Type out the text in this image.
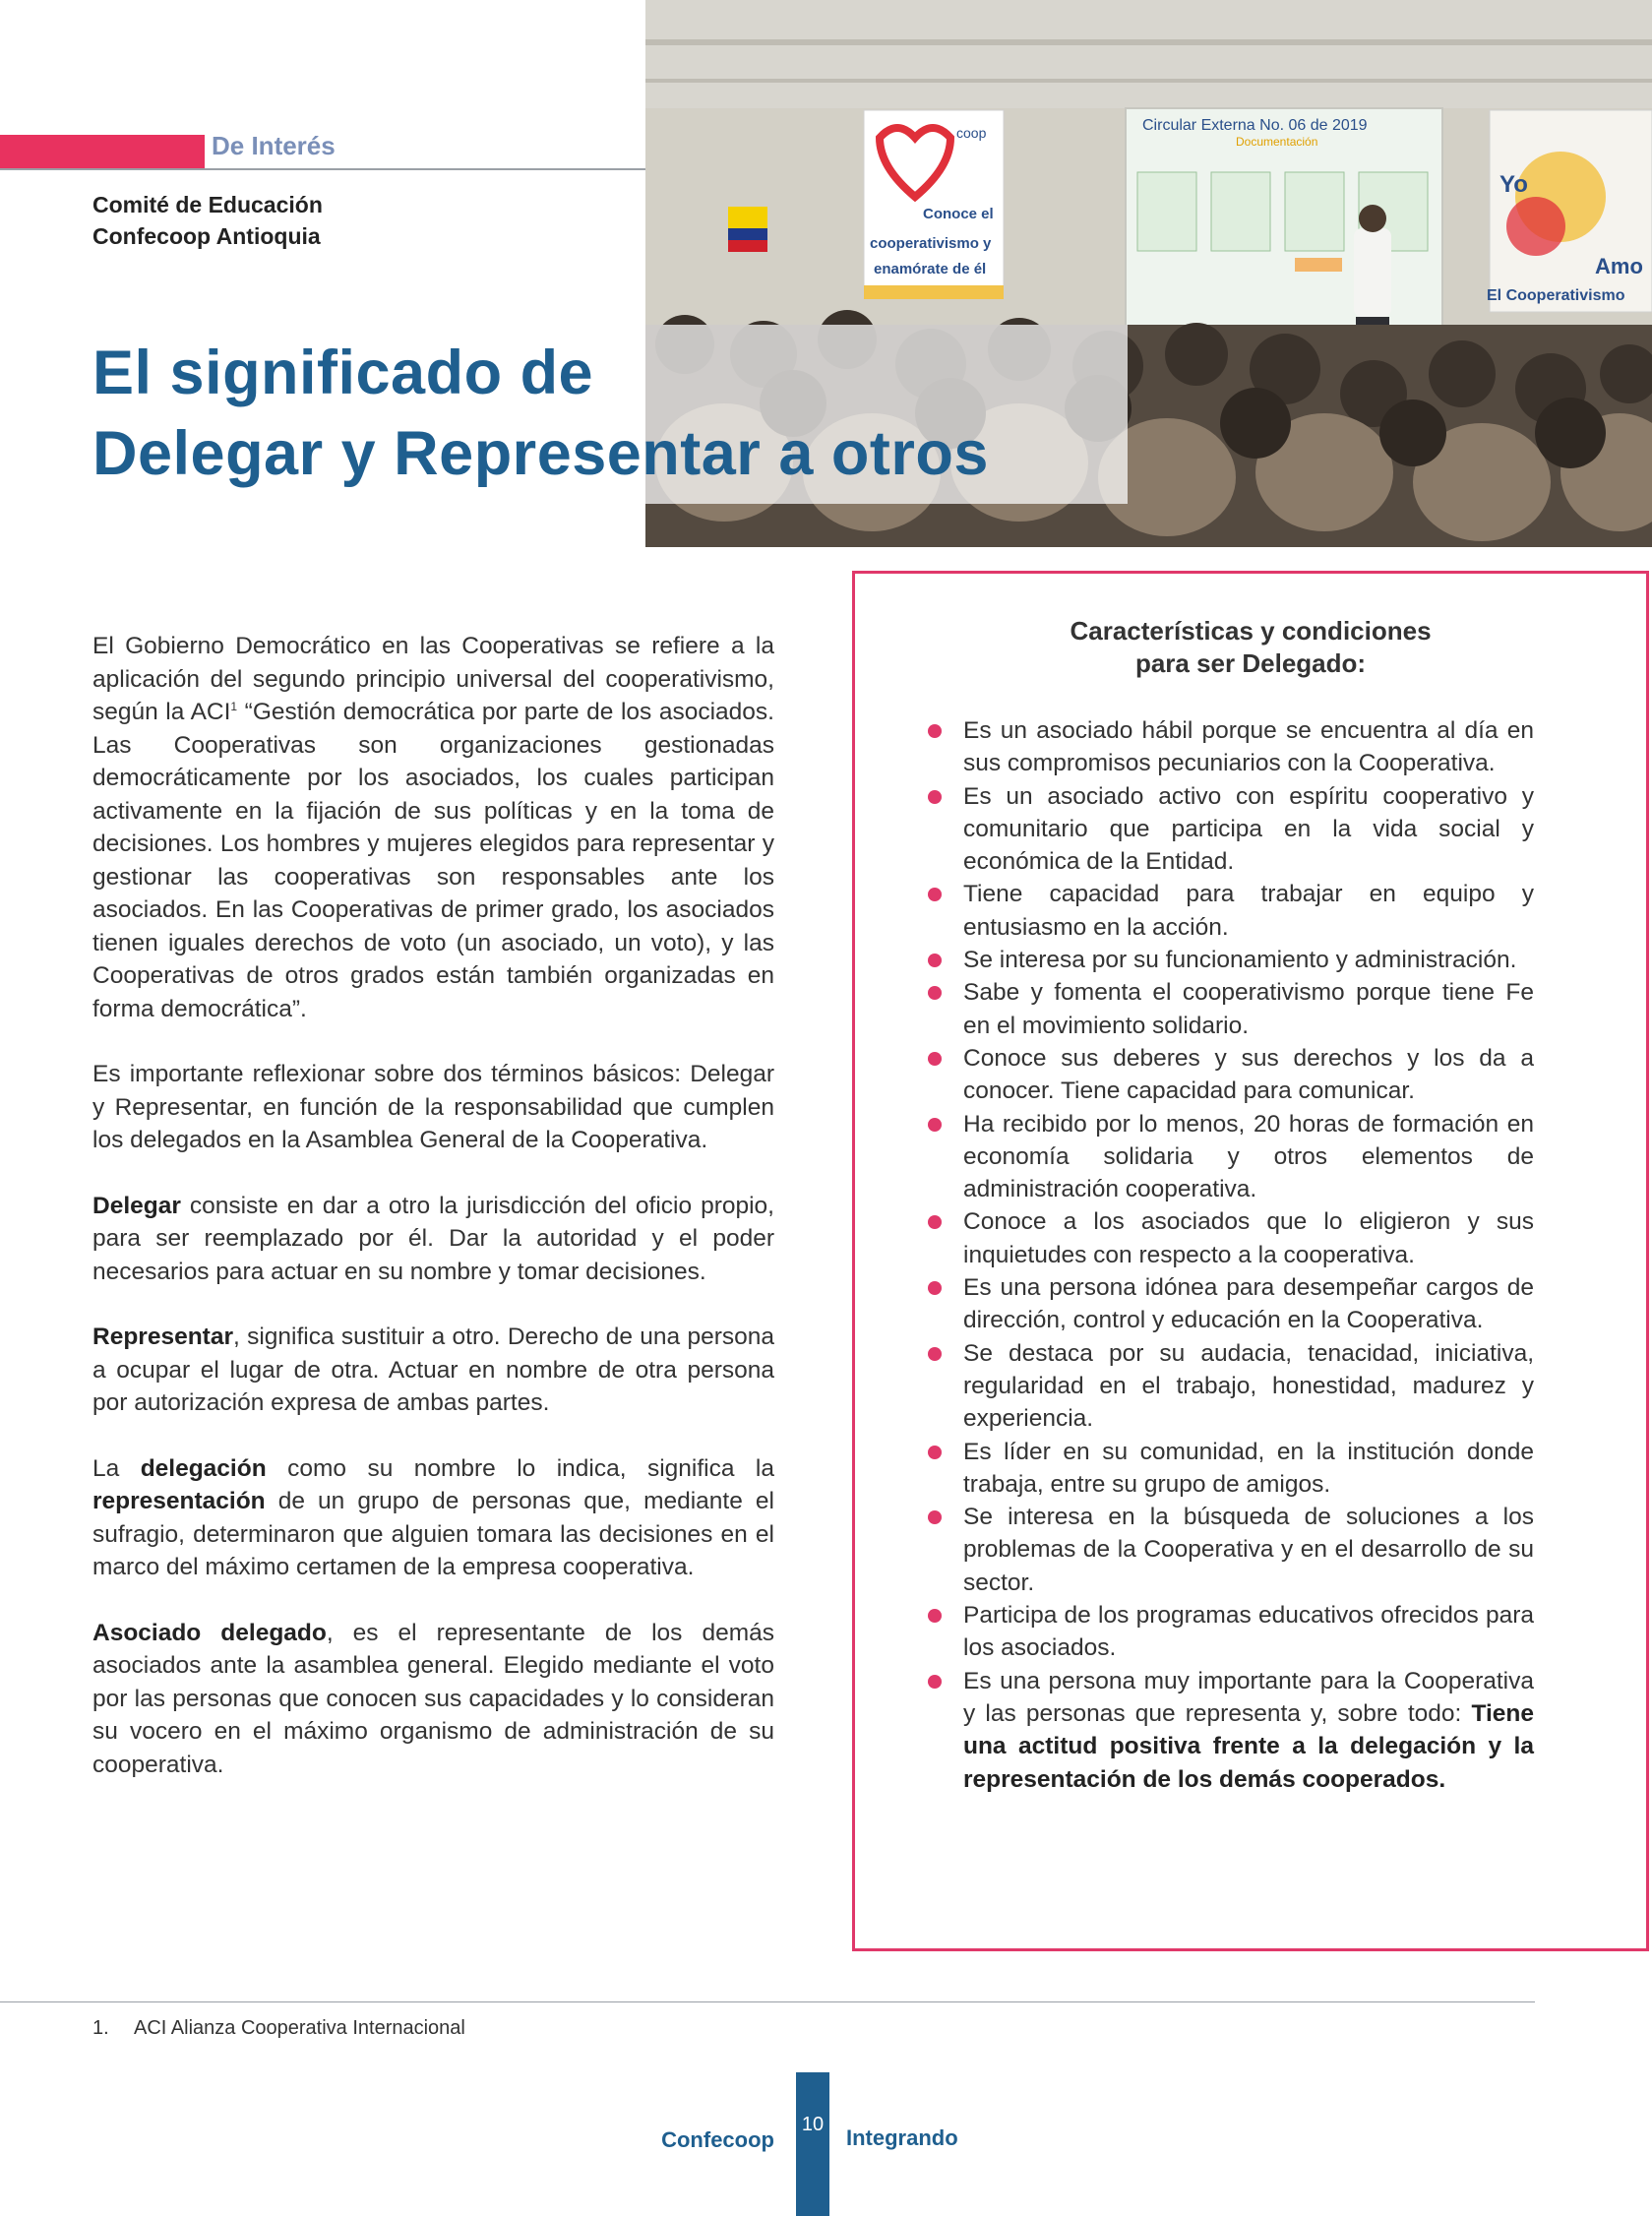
De Interés
Comité de Educación
Confecoop Antioquia
Circular Externa No. 06 de 2019
Documentación
coop
Conoce el
cooperativismo y
enamórate de él
Yo
Amo
El Cooperativismo
El significado de
Delegar y Representar a otros

El Gobierno Democrático en las Cooperativas se refiere a la aplicación del segundo principio universal del cooperativismo, según la ACI$^1$ “Gestión democrática por parte de los asociados. Las Cooperativas son organizaciones gestionadas democráticamente por los asociados, los cuales participan activamente en la fijación de sus políticas y en la toma de decisiones. Los hombres y mujeres elegidos para representar y gestionar las cooperativas son responsables ante los asociados. En las Cooperativas de primer grado, los asociados tienen iguales derechos de voto (un asociado, un voto), y las Cooperativas de otros grados están también organizadas en forma democrática”.

Es importante reflexionar sobre dos términos básicos: Delegar y Representar, en función de la responsabilidad que cumplen los delegados en la Asamblea General de la Cooperativa.

Delegar consiste en dar a otro la jurisdicción del oficio propio, para ser reemplazado por él. Dar la autoridad y el poder necesarios para actuar en su nombre y tomar decisiones.

Representar, significa sustituir a otro. Derecho de una persona a ocupar el lugar de otra. Actuar en nombre de otra persona por autorización expresa de ambas partes.

La delegación como su nombre lo indica, significa la representación de un grupo de personas que, mediante el sufragio, determinaron que alguien tomara las decisiones en el marco del máximo certamen de la empresa cooperativa.

Asociado delegado, es el representante de los demás asociados ante la asamblea general. Elegido mediante el voto por las personas que conocen sus capacidades y lo consideran su vocero en el máximo organismo de administración de su cooperativa.

Características y condiciones
para ser Delegado:
Es un asociado hábil porque se encuentra al día en sus compromisos pecuniarios con la Cooperativa.
Es un asociado activo con espíritu cooperativo y comunitario que participa en la vida social y económica de la Entidad.
Tiene capacidad para trabajar en equipo y entusiasmo en la acción.
Se interesa por su funcionamiento y administración.
Sabe y fomenta el cooperativismo porque tiene Fe en el movimiento solidario.
Conoce sus deberes y sus derechos y los da a conocer. Tiene capacidad para comunicar.
Ha recibido por lo menos, 20 horas de formación en economía solidaria y otros elementos de administración cooperativa.
Conoce a los asociados que lo eligieron y sus inquietudes con respecto a la cooperativa.
Es una persona idónea para desempeñar cargos de dirección, control y educación en la Cooperativa.
Se destaca por su audacia, tenacidad, iniciativa, regularidad en el trabajo, honestidad, madurez y experiencia.
Es líder en su comunidad, en la institución donde trabaja, entre su grupo de amigos.
Se interesa en la búsqueda de soluciones a los problemas de la Cooperativa y en el desarrollo de su sector.
Participa de los programas educativos ofrecidos para los asociados.
Es una persona muy importante para la Cooperativa y las personas que representa y, sobre todo: Tiene una actitud positiva frente a la delegación y la representación de los demás cooperados.
1. ACI Alianza Cooperativa Internacional
Confecoop
10
Integrando
